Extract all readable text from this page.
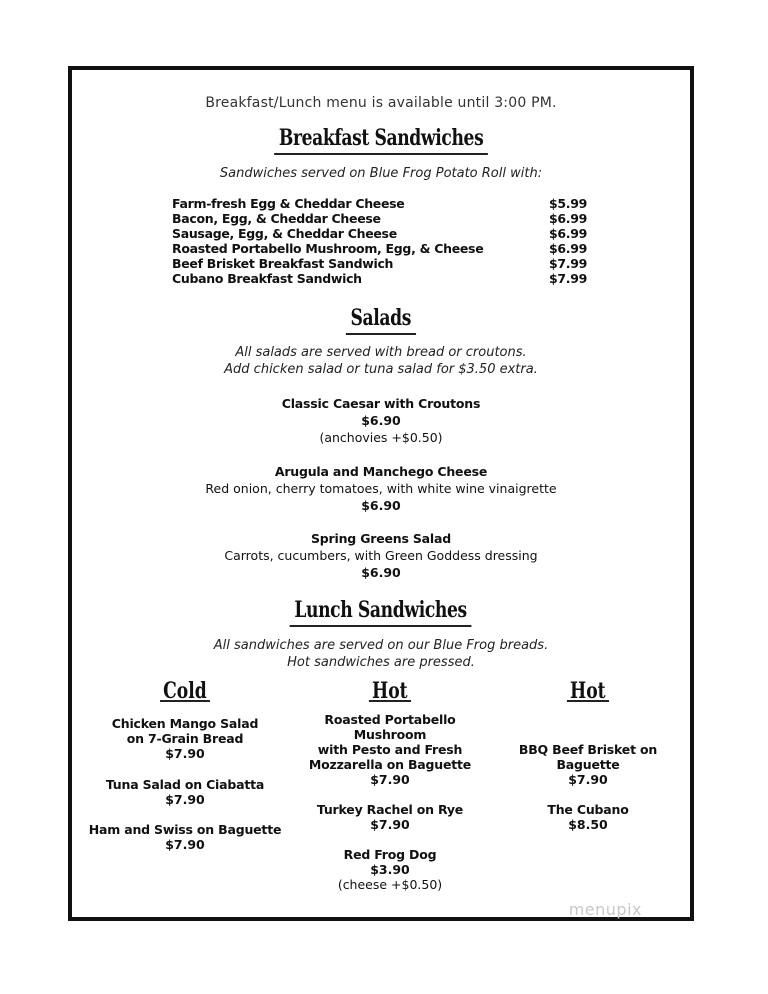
Breakfast/Lunch menu is available until 3:00 PM.
Breakfast Sandwiches
Sandwiches served on Blue Frog Potato Roll with:
Farm-fresh Egg & Cheddar Cheese	$5.99
Bacon, Egg, & Cheddar Cheese	$6.99
Sausage, Egg, & Cheddar Cheese	$6.99
Roasted Portabello Mushroom, Egg, & Cheese	$6.99
Beef Brisket Breakfast Sandwich	$7.99
Cubano Breakfast Sandwich	$7.99
Salads
All salads are served with bread or croutons.
Add chicken salad or tuna salad for $3.50 extra.
Classic Caesar with Croutons
$6.90
(anchovies +$0.50)
Arugula and Manchego Cheese
Red onion, cherry tomatoes, with white wine vinaigrette
$6.90
Spring Greens Salad
Carrots, cucumbers, with Green Goddess dressing
$6.90
Lunch Sandwiches
All sandwiches are served on our Blue Frog breads.
Hot sandwiches are pressed.
Cold
Chicken Mango Salad
on 7-Grain Bread
$7.90
Tuna Salad on Ciabatta
$7.90
Ham and Swiss on Baguette
$7.90
Hot
Roasted Portabello Mushroom
with Pesto and Fresh
Mozzarella on Baguette
$7.90
Turkey Rachel on Rye
$7.90
Red Frog Dog
$3.90
(cheese +$0.50)
Hot
BBQ Beef Brisket on Baguette
$7.90
The Cubano
$8.50
menupix
